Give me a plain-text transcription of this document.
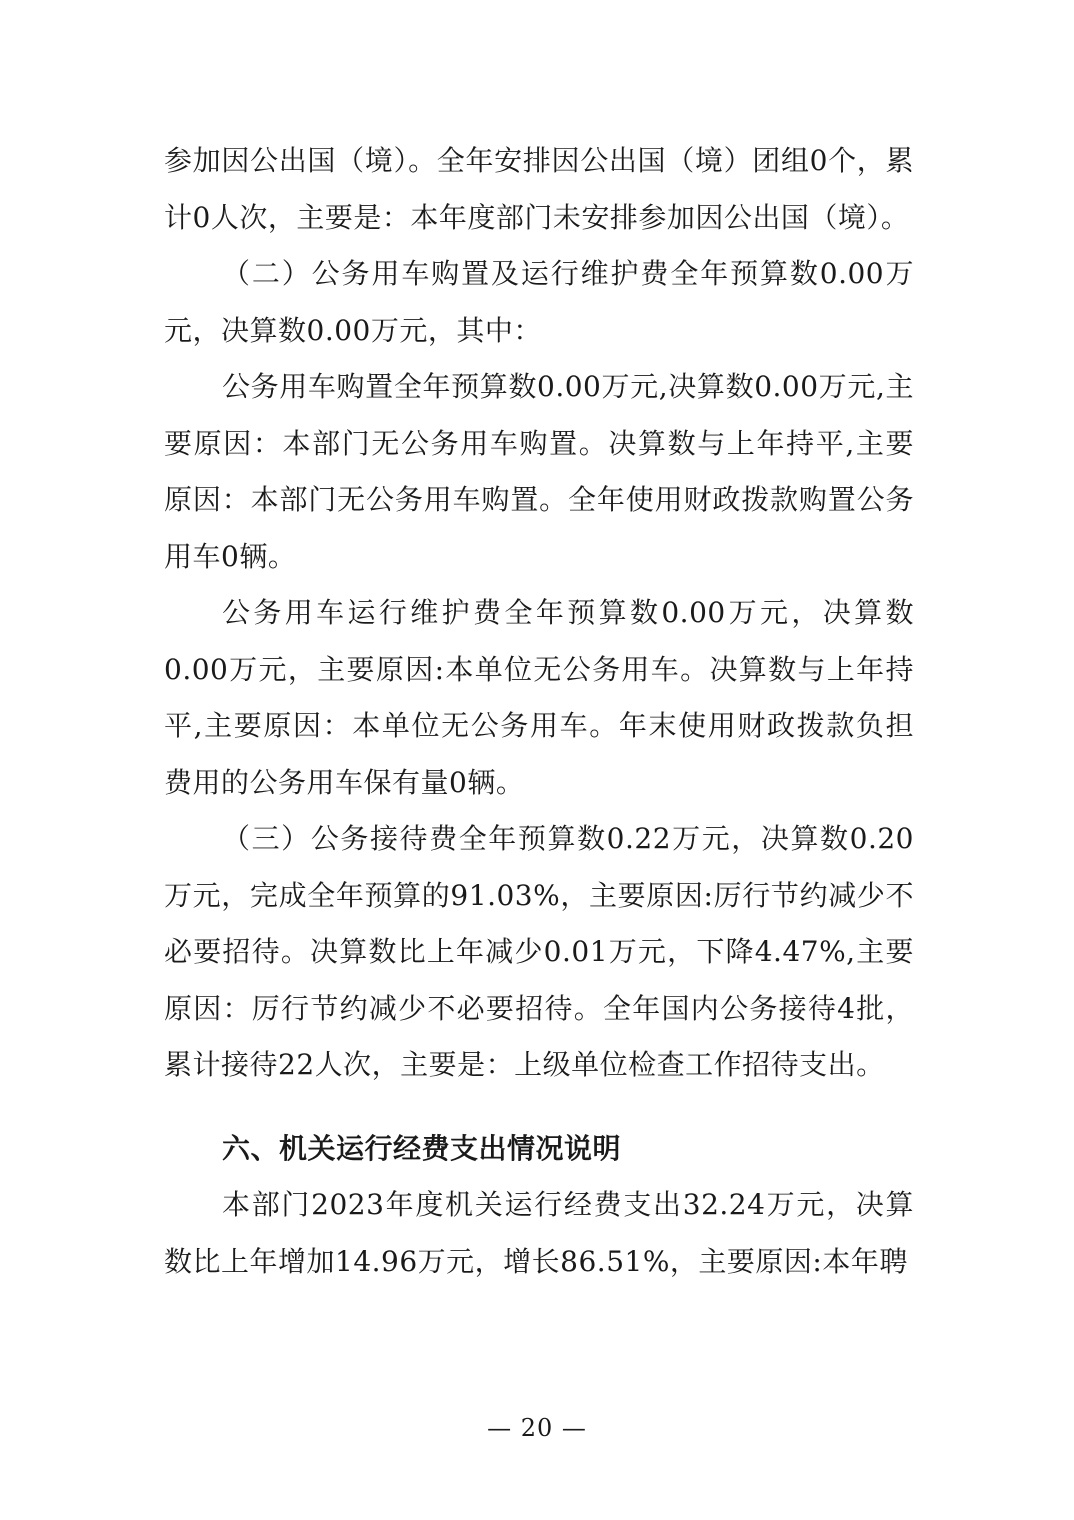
参加因公出国（境）。全年安排因公出国（境）团组0个，累计0人次，主要是：本年度部门未安排参加因公出国（境）。

（二）公务用车购置及运行维护费全年预算数0.00万元，决算数0.00万元，其中：

公务用车购置全年预算数0.00万元,决算数0.00万元,主要原因：本部门无公务用车购置。决算数与上年持平,主要原因：本部门无公务用车购置。全年使用财政拨款购置公务用车0辆。

公务用车运行维护费全年预算数0.00万元，决算数0.00万元，主要原因:本单位无公务用车。决算数与上年持平,主要原因：本单位无公务用车。年末使用财政拨款负担费用的公务用车保有量0辆。

（三）公务接待费全年预算数0.22万元，决算数0.20万元，完成全年预算的91.03%，主要原因:厉行节约减少不必要招待。决算数比上年减少0.01万元，下降4.47%,主要原因：厉行节约减少不必要招待。全年国内公务接待4批，累计接待22人次，主要是：上级单位检查工作招待支出。

六、机关运行经费支出情况说明

本部门2023年度机关运行经费支出32.24万元，决算数比上年增加14.96万元，增长86.51%，主要原因:本年聘

— 20 —
